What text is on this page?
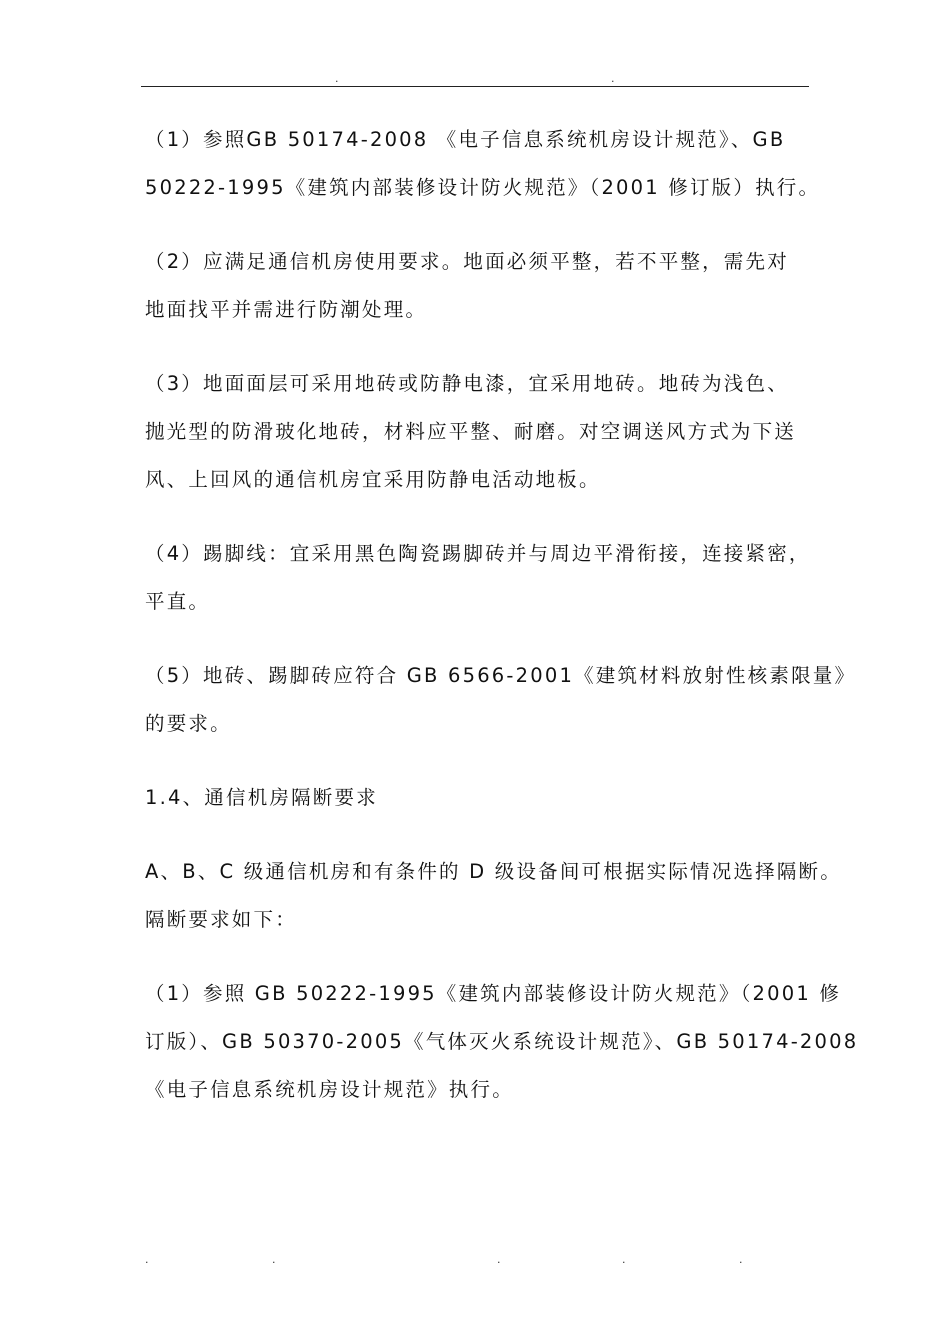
.	.

（1）参照GB 50174-2008 《电子信息系统机房设计规范》、GB
50222-1995《建筑内部装修设计防火规范》（2001 修订版）执行。

（2）应满足通信机房使用要求。地面必须平整，若不平整，需先对
地面找平并需进行防潮处理。

（3）地面面层可采用地砖或防静电漆，宜采用地砖。地砖为浅色、
抛光型的防滑玻化地砖，材料应平整、耐磨。对空调送风方式为下送
风、上回风的通信机房宜采用防静电活动地板。

（4）踢脚线：宜采用黑色陶瓷踢脚砖并与周边平滑衔接，连接紧密，
平直。

（5）地砖、踢脚砖应符合 GB 6566-2001《建筑材料放射性核素限量》
的要求。

1.4、通信机房隔断要求

A、B、C 级通信机房和有条件的 D 级设备间可根据实际情况选择隔断。
隔断要求如下：

（1）参照 GB 50222-1995《建筑内部装修设计防火规范》（2001 修
订版）、GB 50370-2005《气体灭火系统设计规范》、GB 50174-2008
《电子信息系统机房设计规范》执行。

.	.	.	.	.
